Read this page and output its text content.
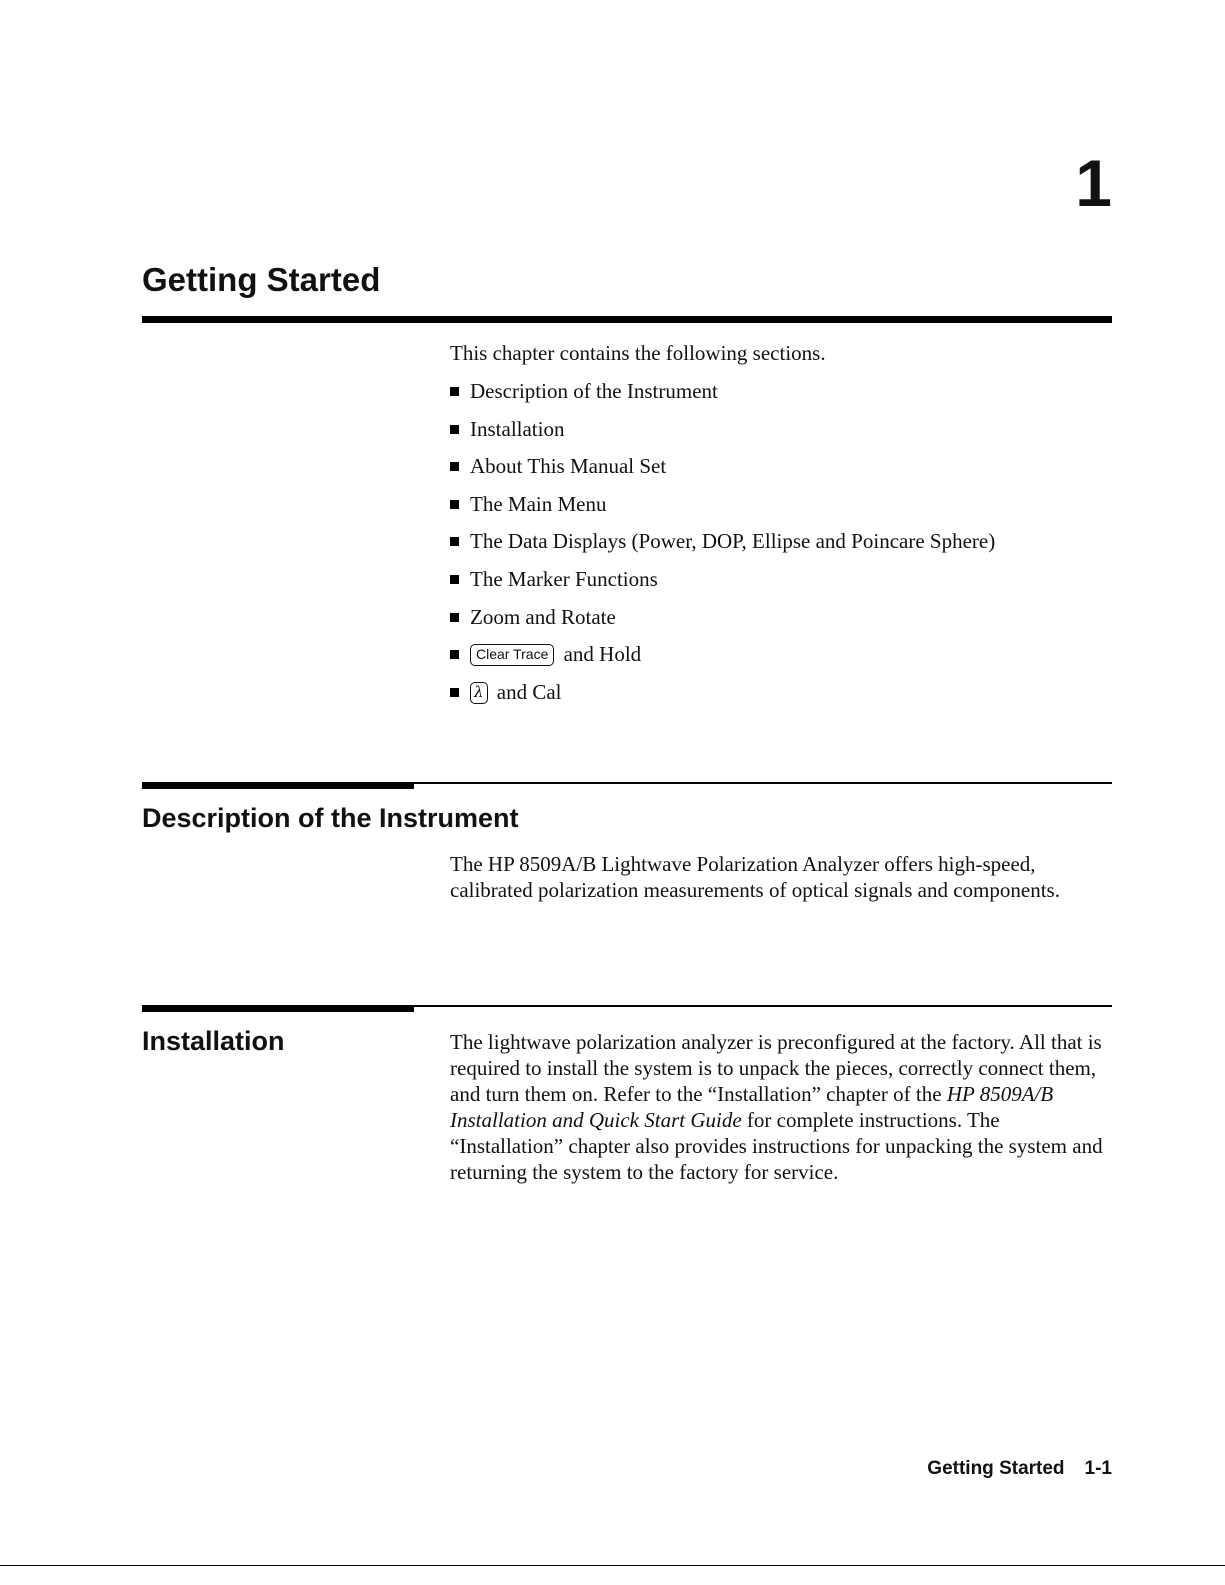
1
Getting Started
This chapter contains the following sections.
Description of the Instrument
Installation
About This Manual Set
The Main Menu
The Data Displays (Power, DOP, Ellipse and Poincare Sphere)
The Marker Functions
Zoom and Rotate
Clear Trace and Hold
λ and Cal
Description of the Instrument

The HP 8509A/B Lightwave Polarization Analyzer offers high-speed, calibrated polarization measurements of optical signals and components.

Installation	The lightwave polarization analyzer is preconfigured at the factory. All that is required to install the system is to unpack the pieces, correctly connect them, and turn them on. Refer to the “Installation” chapter of the HP 8509A/B Installation and Quick Start Guide for complete instructions. The “Installation” chapter also provides instructions for unpacking the system and returning the system to the factory for service.

Getting Started 1-1
